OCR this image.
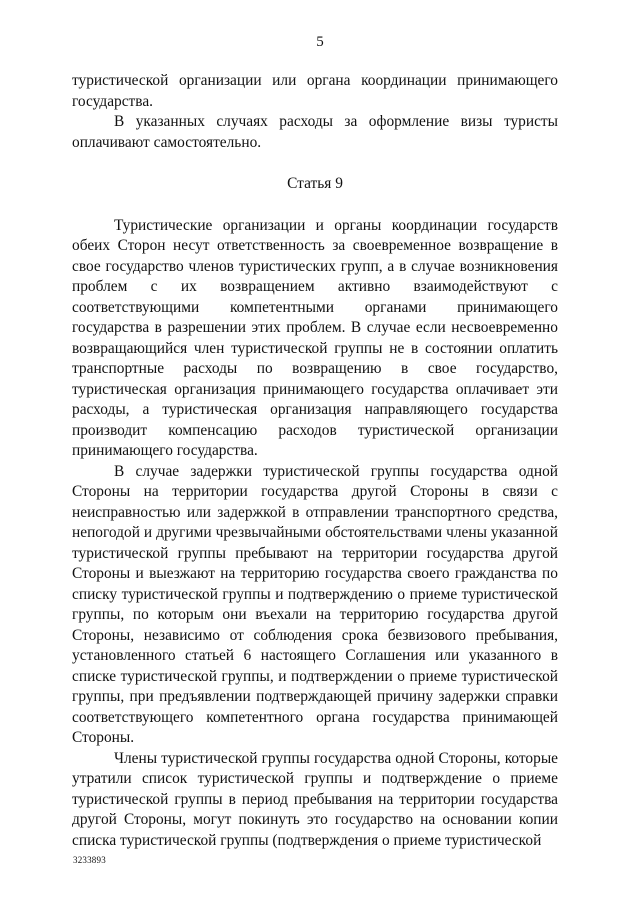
5

туристической организации или органа координации принимающего государства.

В указанных случаях расходы за оформление визы туристы оплачивают самостоятельно.

Статья 9

Туристические организации и органы координации государств обеих Сторон несут ответственность за своевременное возвращение в свое государство членов туристических групп, а в случае возникновения проблем с их возвращением активно взаимодействуют с соответствующими компетентными органами принимающего государства в разрешении этих проблем. В случае если несвоевременно возвращающийся член туристической группы не в состоянии оплатить транспортные расходы по возвращению в свое государство, туристическая организация принимающего государства оплачивает эти расходы, а туристическая организация направляющего государства производит компенсацию расходов туристической организации принимающего государства.

В случае задержки туристической группы государства одной Стороны на территории государства другой Стороны в связи с неисправностью или задержкой в отправлении транспортного средства, непогодой и другими чрезвычайными обстоятельствами члены указанной туристической группы пребывают на территории государства другой Стороны и выезжают на территорию государства своего гражданства по списку туристической группы и подтверждению о приеме туристической группы, по которым они въехали на территорию государства другой Стороны, независимо от соблюдения срока безвизового пребывания, установленного статьей 6 настоящего Соглашения или указанного в списке туристической группы, и подтверждении о приеме туристической группы, при предъявлении подтверждающей причину задержки справки соответствующего компетентного органа государства принимающей Стороны.

Члены туристической группы государства одной Стороны, которые утратили список туристической группы и подтверждение о приеме туристической группы в период пребывания на территории государства другой Стороны, могут покинуть это государство на основании копии списка туристической группы (подтверждения о приеме туристической

3233893
